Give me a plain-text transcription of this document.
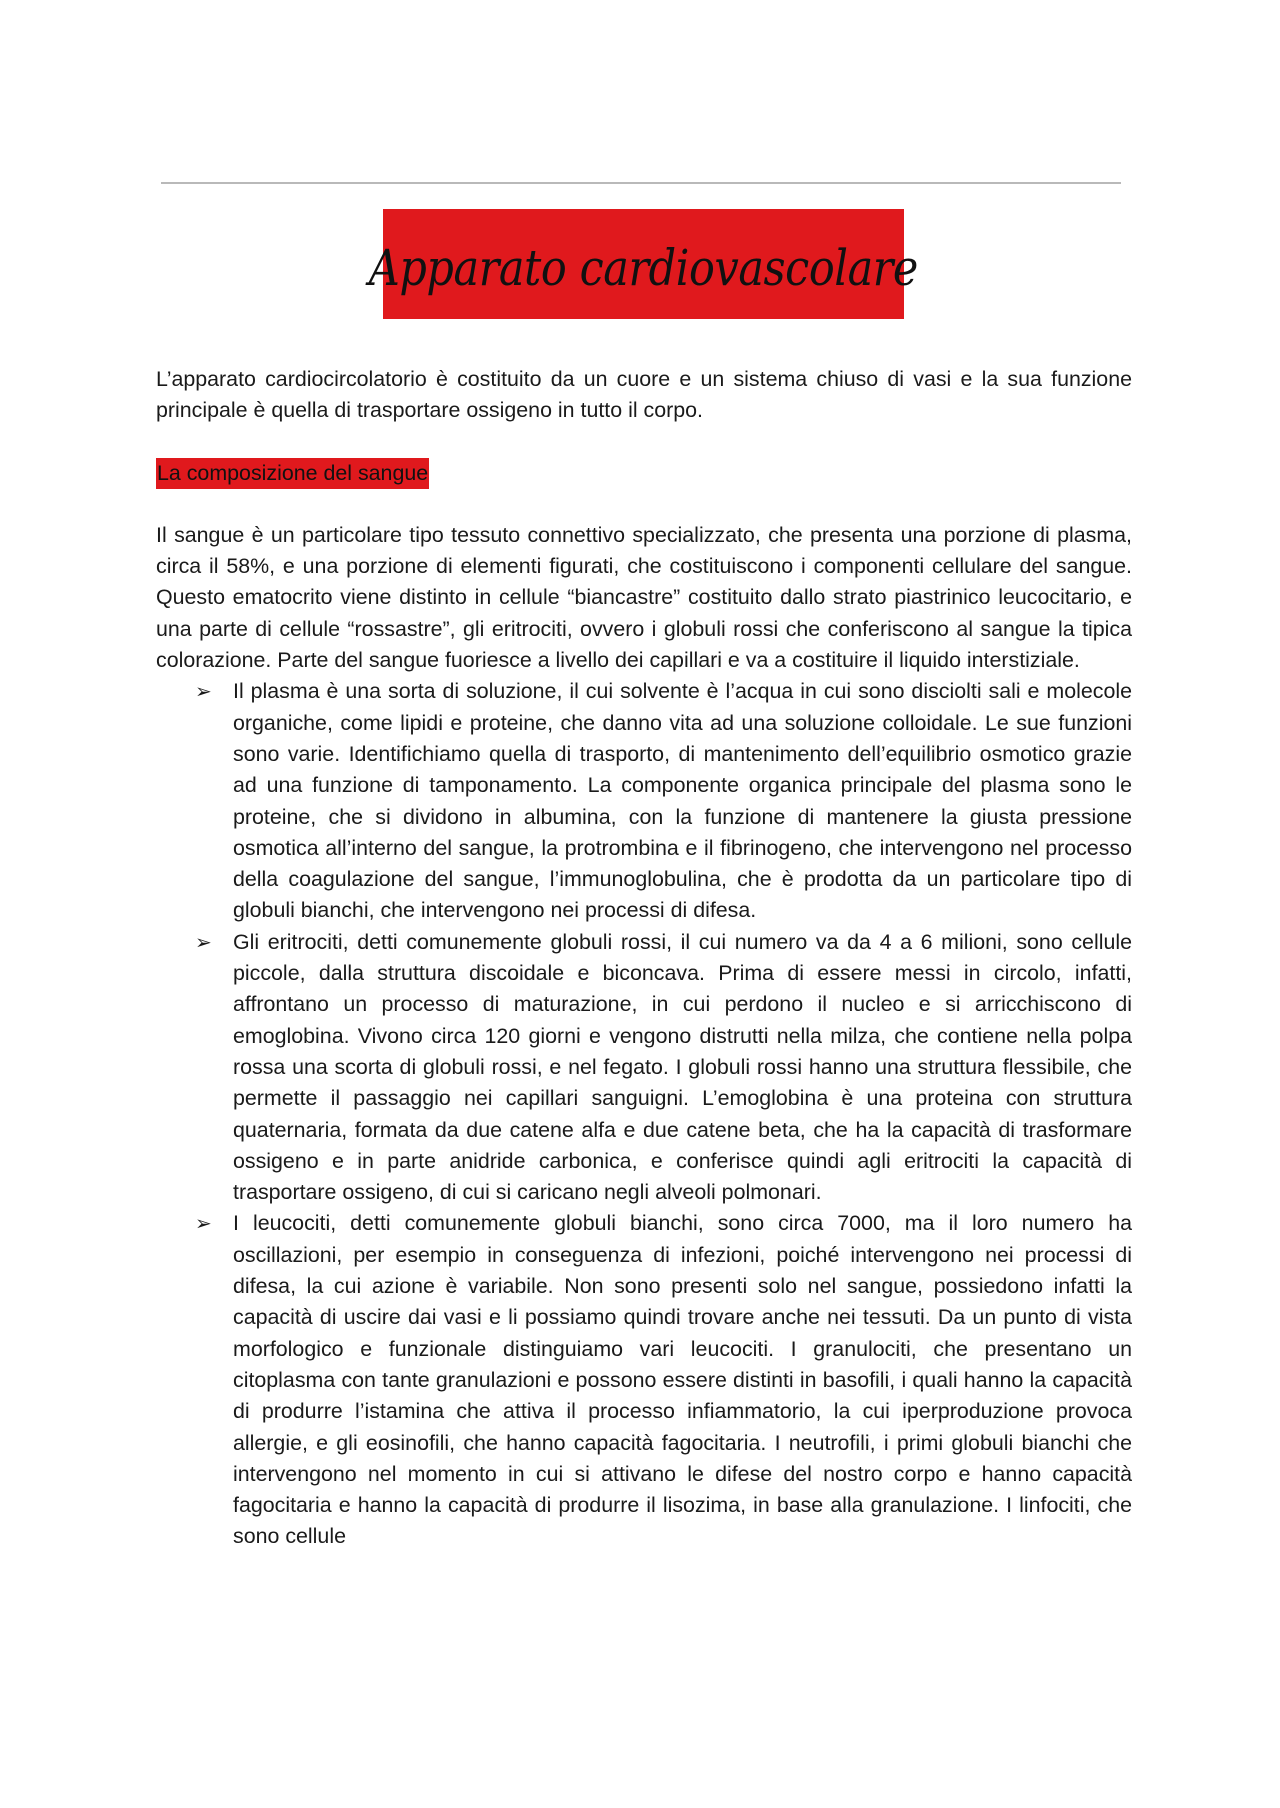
Apparato cardiovascolare

L’apparato cardiocircolatorio è costituito da un cuore e un sistema chiuso di vasi e la sua funzione principale è quella di trasportare ossigeno in tutto il corpo.

La composizione del sangue

Il sangue è un particolare tipo tessuto connettivo specializzato, che presenta una porzione di plasma, circa il 58%, e una porzione di elementi figurati, che costituiscono i componenti cellulare del sangue. Questo ematocrito viene distinto in cellule “biancastre” costituito dallo strato piastrinico leucocitario, e una parte di cellule “rossastre”, gli eritrociti, ovvero i globuli rossi che conferiscono al sangue la tipica colorazione. Parte del sangue fuoriesce a livello dei capillari e va a costituire il liquido interstiziale.

➢ Il plasma è una sorta di soluzione, il cui solvente è l’acqua in cui sono disciolti sali e molecole organiche, come lipidi e proteine, che danno vita ad una soluzione colloidale. Le sue funzioni sono varie. Identifichiamo quella di trasporto, di mantenimento dell’equilibrio osmotico grazie ad una funzione di tamponamento. La componente organica principale del plasma sono le proteine, che si dividono in albumina, con la funzione di mantenere la giusta pressione osmotica all’interno del sangue, la protrombina e il fibrinogeno, che intervengono nel processo della coagulazione del sangue, l’immunoglobulina, che è prodotta da un particolare tipo di globuli bianchi, che intervengono nei processi di difesa.
➢ Gli eritrociti, detti comunemente globuli rossi, il cui numero va da 4 a 6 milioni, sono cellule piccole, dalla struttura discoidale e biconcava. Prima di essere messi in circolo, infatti, affrontano un processo di maturazione, in cui perdono il nucleo e si arricchiscono di emoglobina. Vivono circa 120 giorni e vengono distrutti nella milza, che contiene nella polpa rossa una scorta di globuli rossi, e nel fegato. I globuli rossi hanno una struttura flessibile, che permette il passaggio nei capillari sanguigni. L’emoglobina è una proteina con struttura quaternaria, formata da due catene alfa e due catene beta, che ha la capacità di trasformare ossigeno e in parte anidride carbonica, e conferisce quindi agli eritrociti la capacità di trasportare ossigeno, di cui si caricano negli alveoli polmonari.
➢ I leucociti, detti comunemente globuli bianchi, sono circa 7000, ma il loro numero ha oscillazioni, per esempio in conseguenza di infezioni, poiché intervengono nei processi di difesa, la cui azione è variabile. Non sono presenti solo nel sangue, possiedono infatti la capacità di uscire dai vasi e li possiamo quindi trovare anche nei tessuti. Da un punto di vista morfologico e funzionale distinguiamo vari leucociti. I granulociti, che presentano un citoplasma con tante granulazioni e possono essere distinti in basofili, i quali hanno la capacità di produrre l’istamina che attiva il processo infiammatorio, la cui iperproduzione provoca allergie, e gli eosinofili, che hanno capacità fagocitaria. I neutrofili, i primi globuli bianchi che intervengono nel momento in cui si attivano le difese del nostro corpo e hanno capacità fagocitaria e hanno la capacità di produrre il lisozima, in base alla granulazione. I linfociti, che sono cellule
